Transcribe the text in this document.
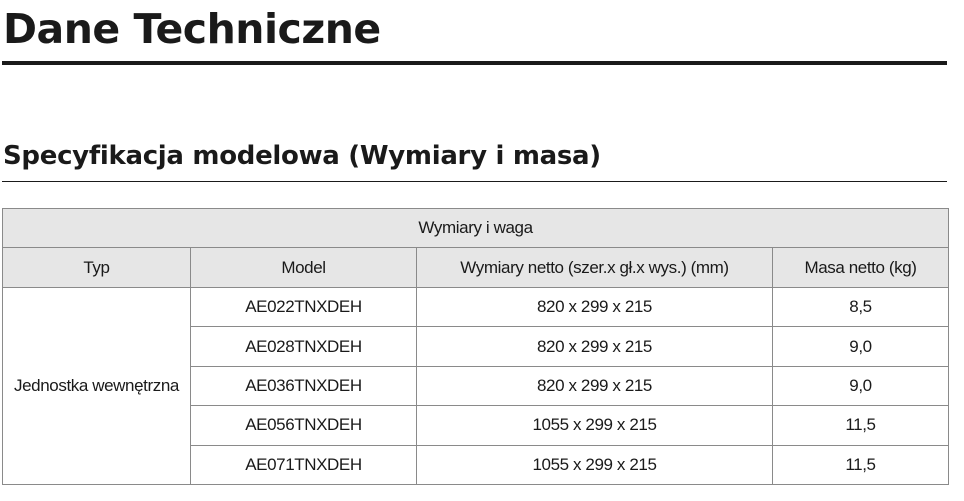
Dane Techniczne
Specyfikacja modelowa (Wymiary i masa)
Wymiary i waga			
Typ	Model	Wymiary netto (szer.x gł.x wys.) (mm)	Masa netto (kg)
Jednostka wewnętrzna	AE022TNXDEH	820 x 299 x 215	8,5
	AE028TNXDEH	820 x 299 x 215	9,0
	AE036TNXDEH	820 x 299 x 215	9,0
	AE056TNXDEH	1055 x 299 x 215	11,5
	AE071TNXDEH	1055 x 299 x 215	11,5
